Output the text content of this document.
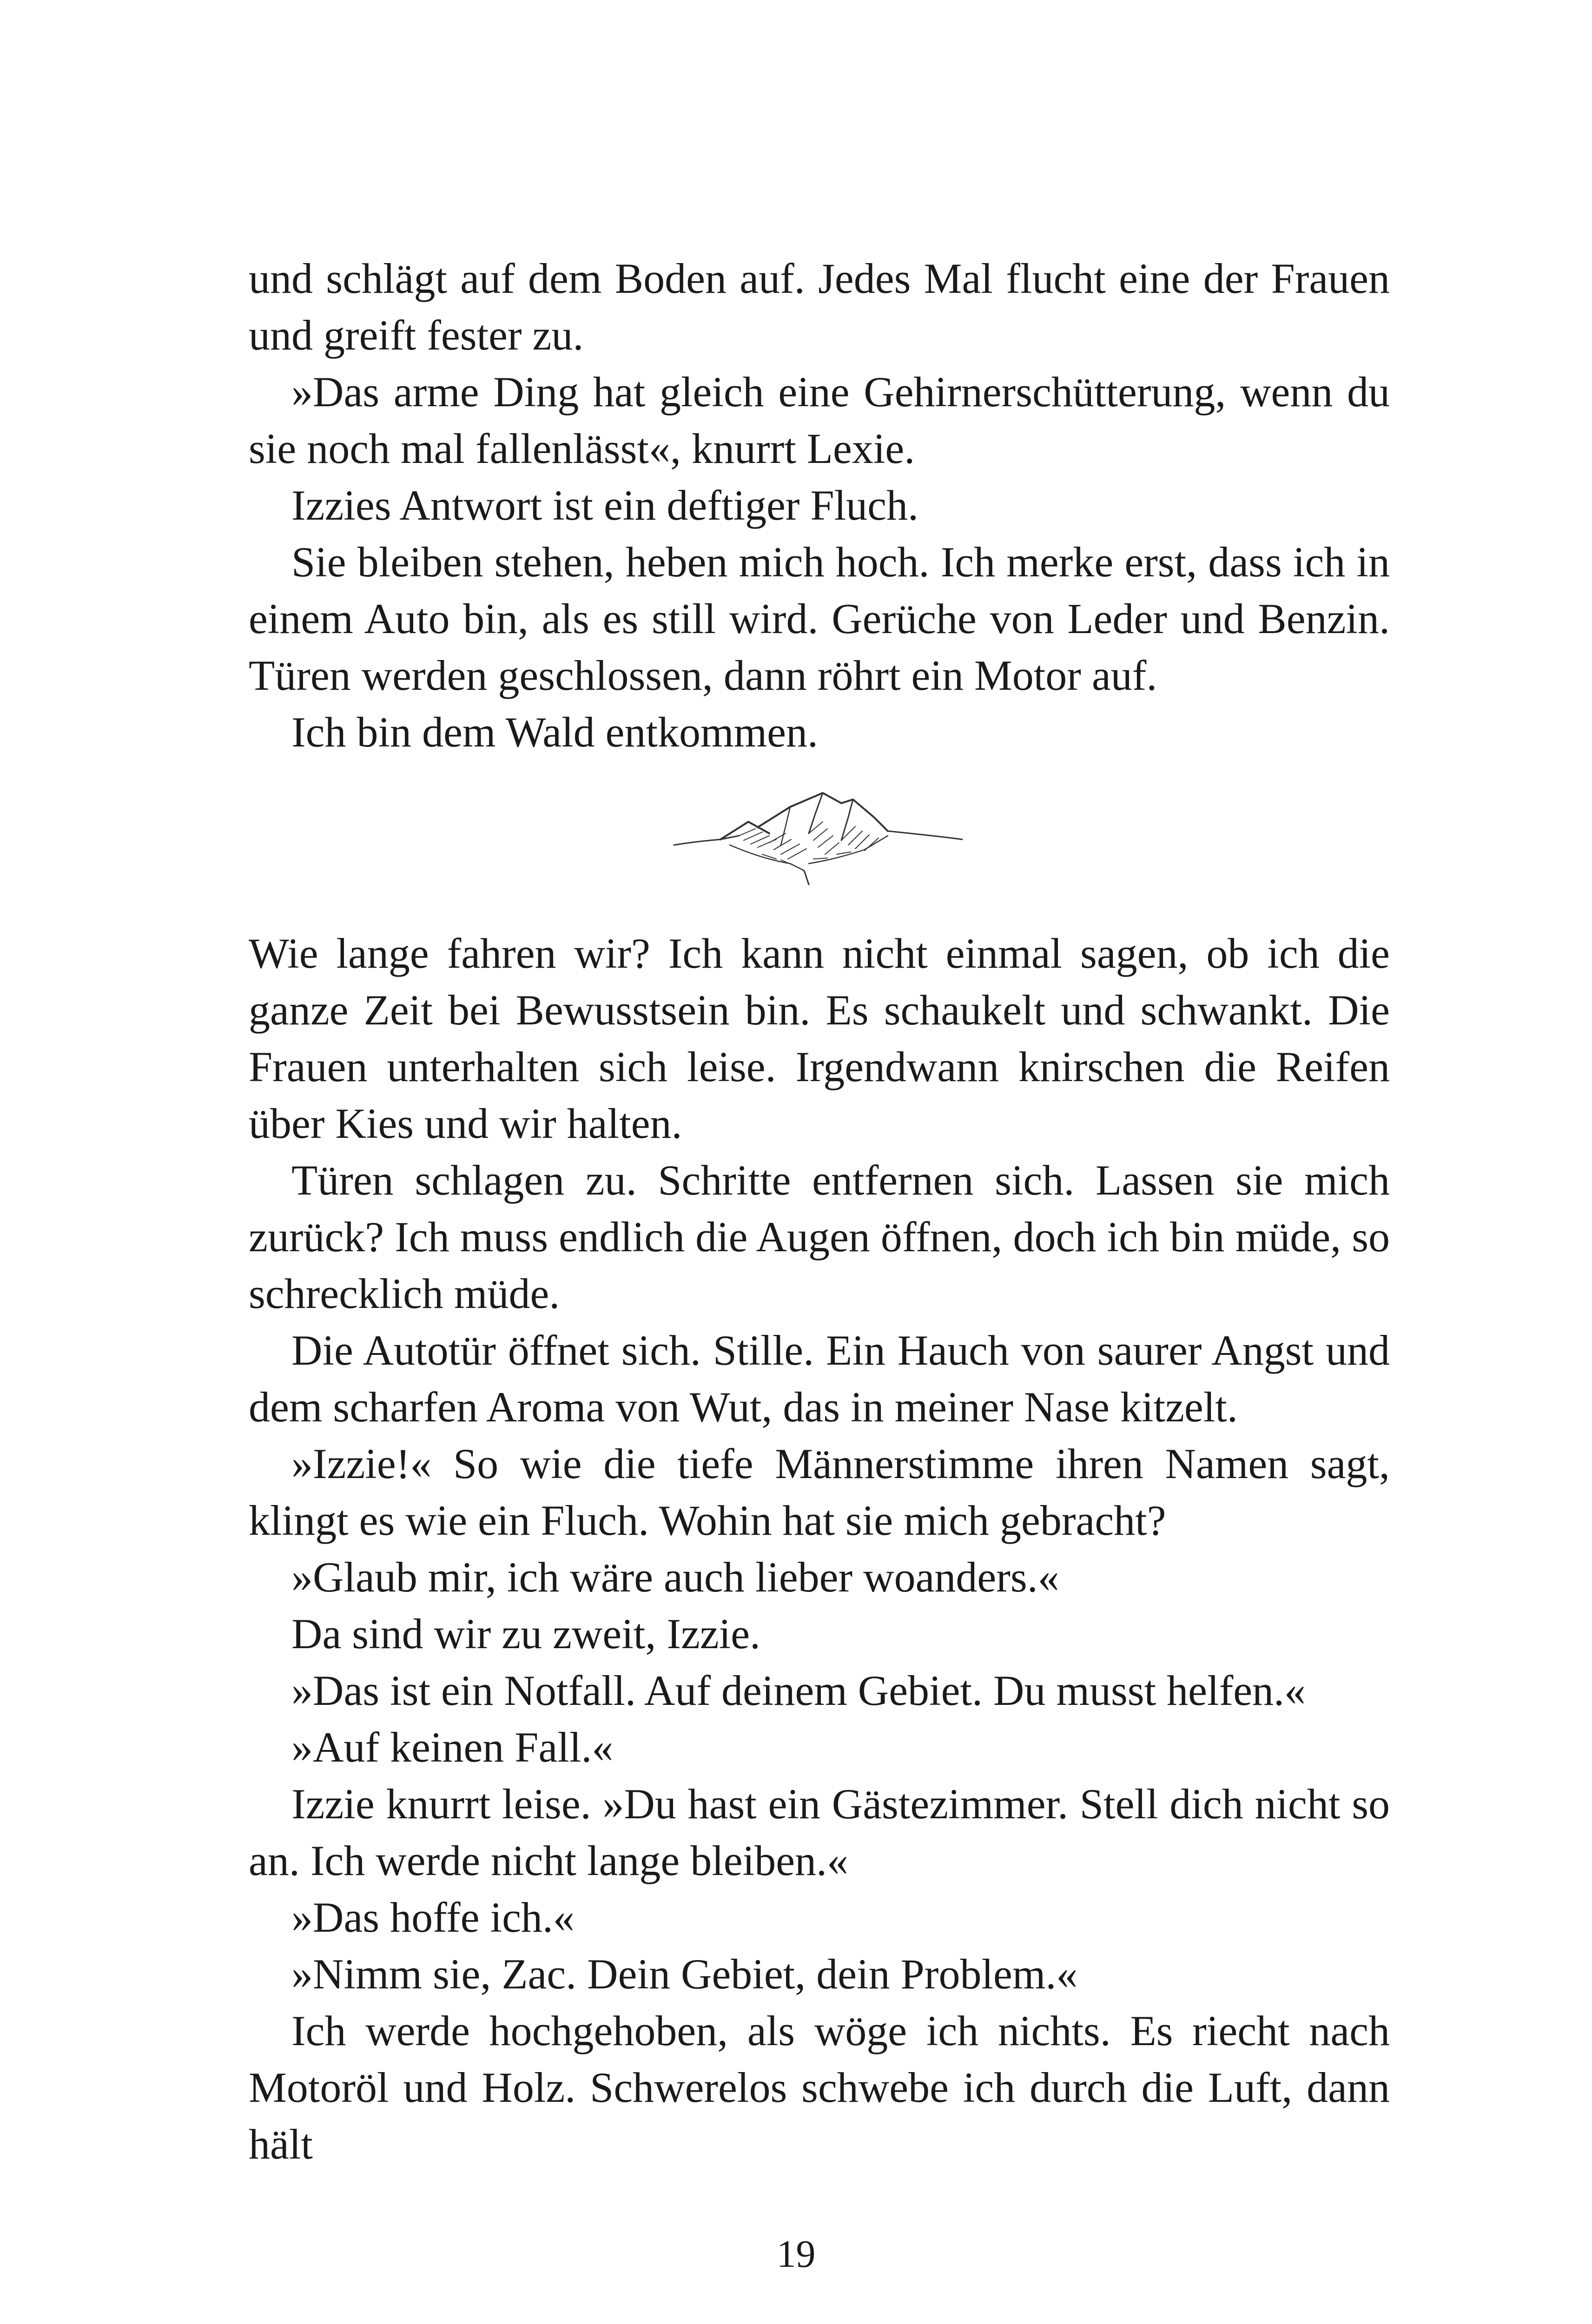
und schlägt auf dem Boden auf. Jedes Mal flucht eine der Frauen und greift fester zu.

»Das arme Ding hat gleich eine Gehirnerschütterung, wenn du sie noch mal fallenlässt«, knurrt Lexie.

Izzies Antwort ist ein deftiger Fluch.

Sie bleiben stehen, heben mich hoch. Ich merke erst, dass ich in einem Auto bin, als es still wird. Gerüche von Leder und Benzin. Türen werden geschlossen, dann röhrt ein Motor auf.

Ich bin dem Wald entkommen.

Wie lange fahren wir? Ich kann nicht einmal sagen, ob ich die ganze Zeit bei Bewusstsein bin. Es schaukelt und schwankt. Die Frauen unterhalten sich leise. Irgendwann knirschen die Reifen über Kies und wir halten.

Türen schlagen zu. Schritte entfernen sich. Lassen sie mich zurück? Ich muss endlich die Augen öffnen, doch ich bin müde, so schrecklich müde.

Die Autotür öffnet sich. Stille. Ein Hauch von saurer Angst und dem scharfen Aroma von Wut, das in meiner Nase kitzelt.

»Izzie!« So wie die tiefe Männerstimme ihren Namen sagt, klingt es wie ein Fluch. Wohin hat sie mich gebracht?

»Glaub mir, ich wäre auch lieber woanders.«

Da sind wir zu zweit, Izzie.

»Das ist ein Notfall. Auf deinem Gebiet. Du musst helfen.«

»Auf keinen Fall.«

Izzie knurrt leise. »Du hast ein Gästezimmer. Stell dich nicht so an. Ich werde nicht lange bleiben.«

»Das hoffe ich.«

»Nimm sie, Zac. Dein Gebiet, dein Problem.«

Ich werde hochgehoben, als wöge ich nichts. Es riecht nach Motoröl und Holz. Schwerelos schwebe ich durch die Luft, dann hält

19
